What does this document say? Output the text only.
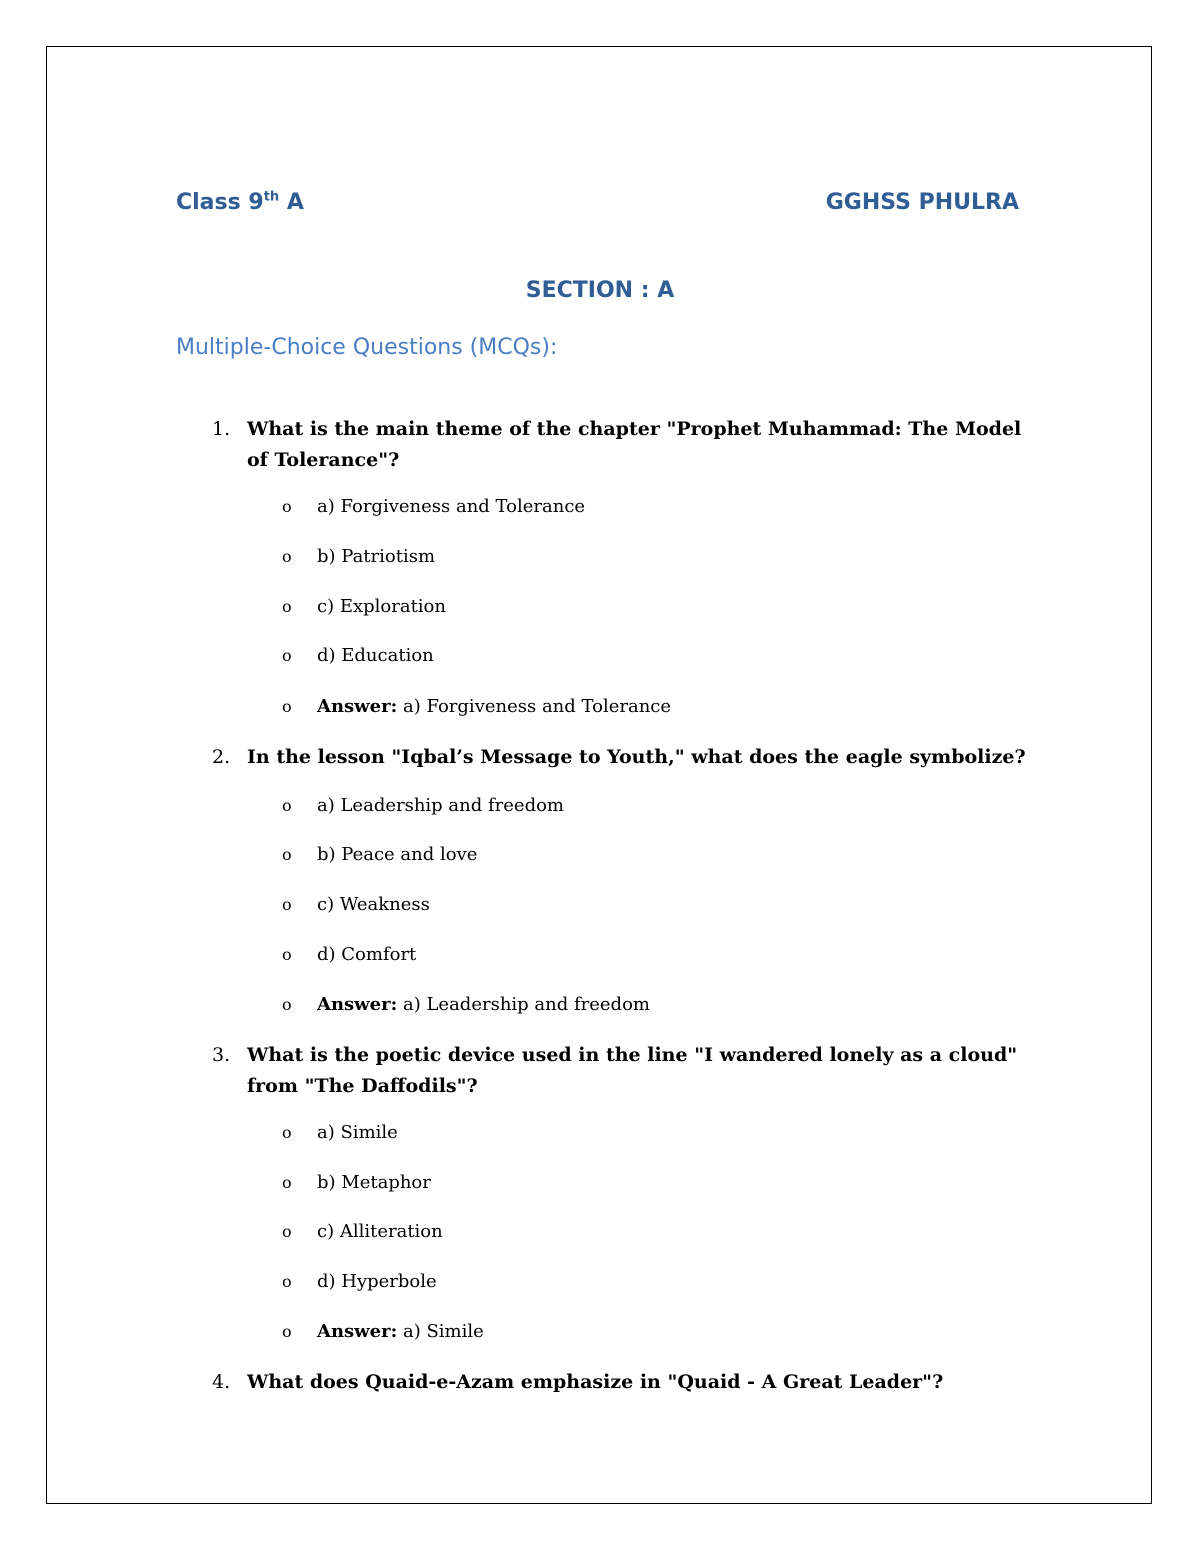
Class 9th A	GGHSS PHULRA
SECTION : A
Multiple-Choice Questions (MCQs):
1. What is the main theme of the chapter "Prophet Muhammad: The Model of Tolerance"?
o a) Forgiveness and Tolerance
o b) Patriotism
o c) Exploration
o d) Education
o Answer: a) Forgiveness and Tolerance
2. In the lesson "Iqbal’s Message to Youth," what does the eagle symbolize?
o a) Leadership and freedom
o b) Peace and love
o c) Weakness
o d) Comfort
o Answer: a) Leadership and freedom
3. What is the poetic device used in the line "I wandered lonely as a cloud" from "The Daffodils"?
o a) Simile
o b) Metaphor
o c) Alliteration
o d) Hyperbole
o Answer: a) Simile
4. What does Quaid-e-Azam emphasize in "Quaid - A Great Leader"?
